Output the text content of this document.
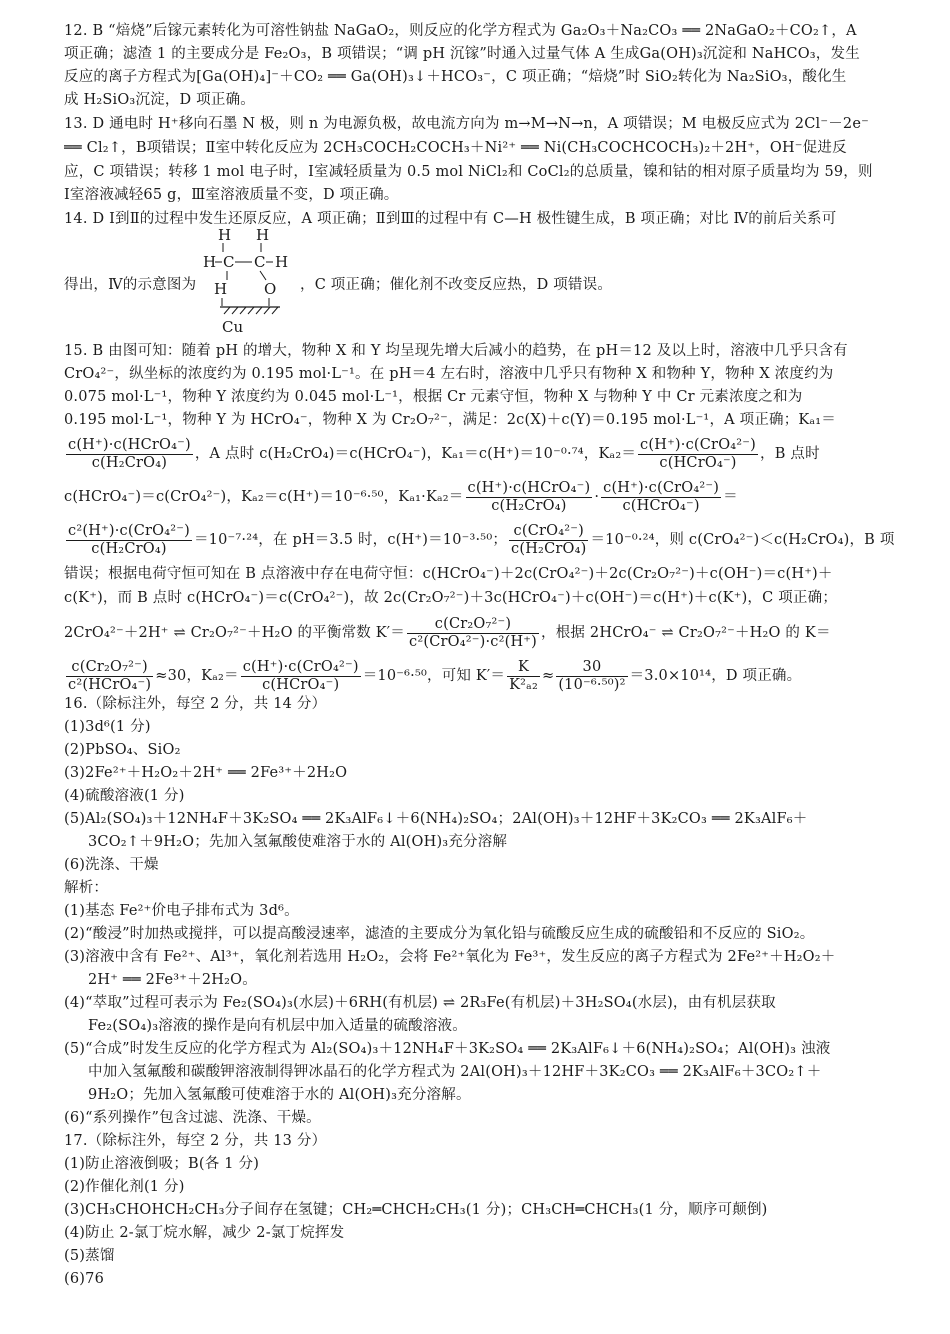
12. B “焙烧”后镓元素转化为可溶性钠盐 NaGaO₂，则反应的化学方程式为 Ga₂O₃＋Na₂CO₃ ══ 2NaGaO₂＋CO₂↑，A
项正确；滤渣 1 的主要成分是 Fe₂O₃，B 项错误；“调 pH 沉镓”时通入过量气体 A 生成Ga(OH)₃沉淀和 NaHCO₃，发生
反应的离子方程式为[Ga(OH)₄]⁻＋CO₂ ══ Ga(OH)₃↓＋HCO₃⁻，C 项正确；“焙烧”时 SiO₂转化为 Na₂SiO₃，酸化生
成 H₂SiO₃沉淀，D 项正确。
13. D 通电时 H⁺移向石墨 N 极，则 n 为电源负极，故电流方向为 m→M→N→n，A 项错误；M 电极反应式为 2Cl⁻－2e⁻
══ Cl₂↑，B项错误；Ⅱ室中转化反应为 2CH₃COCH₂COCH₃＋Ni²⁺ ══ Ni(CH₃COCHCOCH₃)₂＋2H⁺，OH⁻促进反
应，C 项错误；转移 1 mol 电子时，Ⅰ室减轻质量为 0.5 mol NiCl₂和 CoCl₂的总质量，镍和钴的相对原子质量均为 59，则
Ⅰ室溶液减轻65 g，Ⅲ室溶液质量不变，D 项正确。
14. D Ⅰ到Ⅱ的过程中发生还原反应，A 项正确；Ⅱ到Ⅲ的过程中有 C—H 极性键生成，B 项正确；对比 Ⅳ的前后关系可
得出，Ⅳ的示意图为
H H
H C C H
H O
Cu
，C 项正确；催化剂不改变反应热，D 项错误。
15. B 由图可知：随着 pH 的增大，物种 X 和 Y 均呈现先增大后减小的趋势，在 pH＝12 及以上时，溶液中几乎只含有
CrO₄²⁻，纵坐标的浓度约为 0.195 mol·L⁻¹。在 pH＝4 左右时，溶液中几乎只有物种 X 和物种 Y，物种 X 浓度约为
0.075 mol·L⁻¹，物种 Y 浓度约为 0.045 mol·L⁻¹，根据 Cr 元素守恒，物种 X 与物种 Y 中 Cr 元素浓度之和为
0.195 mol·L⁻¹，物种 Y 为 HCrO₄⁻，物种 X 为 Cr₂O₇²⁻，满足：2c(X)＋c(Y)＝0.195 mol·L⁻¹，A 项正确；Kₐ₁＝
$\frac{\text{c(H⁺)·c(HCrO₄⁻)}}{\text{c(H₂CrO₄)}}$ ，A 点时 c(H₂CrO₄)＝c(HCrO₄⁻)，Kₐ₁＝c(H⁺)＝10⁻⁰·⁷⁴，$K_{a2}= \frac{\text{c(H⁺)·c(CrO₄²⁻)}}{\text{c(HCrO₄⁻)}}$ ，B 点时
c(HCrO₄⁻)＝c(CrO₄²⁻)，Kₐ₂＝c(H⁺)＝10⁻⁶·⁵⁰，$K_{a1}\cdot K_{a2}= \frac{\text{c(H⁺)·c(HCrO₄⁻)}}{\text{c(H₂CrO₄)}} \cdot \frac{\text{c(H⁺)·c(CrO₄²⁻)}}{\text{c(HCrO₄⁻)}}$ ＝
$\frac{\text{c²(H⁺)·c(CrO₄²⁻)}}{\text{c(H₂CrO₄)}} =10^{-7}\cdot^{24}$，在 pH＝3.5 时，c(H⁺)＝10⁻³·⁵⁰； $\frac{\text{c(CrO₄²⁻)}}{\text{c(H₂CrO₄)}} =10^{-0}\cdot^{24}$，则 c(CrO₄²⁻)＜c(H₂CrO₄)，B 项
错误；根据电荷守恒可知在 B 点溶液中存在电荷守恒：c(HCrO₄⁻)＋2c(CrO₄²⁻)＋2c(Cr₂O₇²⁻)＋c(OH⁻)＝c(H⁺)＋
c(K⁺)，而 B 点时 c(HCrO₄⁻)＝c(CrO₄²⁻)，故 2c(Cr₂O₇²⁻)＋3c(HCrO₄⁻)＋c(OH⁻)＝c(H⁺)＋c(K⁺)，C 项正确；
2CrO₄²⁻＋2H⁺ ⇌ Cr₂O₇²⁻＋H₂O 的平衡常数 $K'= \frac{\text{c(Cr₂O₇²⁻)}}{\text{c²(CrO₄²⁻)·c²(H⁺)}}$ ，根据 2HCrO₄⁻ ⇌ Cr₂O₇²⁻＋H₂O 的 K＝
$\frac{\text{c(Cr₂O₇²⁻)}}{\text{c²(HCrO₄⁻)}} \approx 30$，$K_{a2}= \frac{\text{c(H⁺)·c(CrO₄²⁻)}}{\text{c(HCrO₄⁻)}} =10^{-6}\cdot^{50}$，可知 $K'= \frac{K}{\text{K²ₐ₂}} \approx \frac{30}{\text{(10⁻⁶·⁵⁰)²}} =3.0\times 10^{14}$，D 项正确。
16.（除标注外，每空 2 分，共 14 分）
(1)3d⁶(1 分)
(2)PbSO₄、SiO₂
(3)2Fe²⁺＋H₂O₂＋2H⁺ ══ 2Fe³⁺＋2H₂O
(4)硫酸溶液(1 分)
(5)Al₂(SO₄)₃＋12NH₄F＋3K₂SO₄ ══ 2K₃AlF₆↓＋6(NH₄)₂SO₄；2Al(OH)₃＋12HF＋3K₂CO₃ ══ 2K₃AlF₆＋
3CO₂↑＋9H₂O；先加入氢氟酸使难溶于水的 Al(OH)₃充分溶解
(6)洗涤、干燥
解析：
(1)基态 Fe²⁺价电子排布式为 3d⁶。
(2)“酸浸”时加热或搅拌，可以提高酸浸速率，滤渣的主要成分为氧化铅与硫酸反应生成的硫酸铅和不反应的 SiO₂。
(3)溶液中含有 Fe²⁺、Al³⁺，氧化剂若选用 H₂O₂，会将 Fe²⁺氧化为 Fe³⁺，发生反应的离子方程式为 2Fe²⁺＋H₂O₂＋
2H⁺ ══ 2Fe³⁺＋2H₂O。
(4)“萃取”过程可表示为 Fe₂(SO₄)₃(水层)＋6RH(有机层) ⇌ 2R₃Fe(有机层)＋3H₂SO₄(水层)，由有机层获取
Fe₂(SO₄)₃溶液的操作是向有机层中加入适量的硫酸溶液。
(5)“合成”时发生反应的化学方程式为 Al₂(SO₄)₃＋12NH₄F＋3K₂SO₄ ══ 2K₃AlF₆↓＋6(NH₄)₂SO₄；Al(OH)₃ 浊液
中加入氢氟酸和碳酸钾溶液制得钾冰晶石的化学方程式为 2Al(OH)₃＋12HF＋3K₂CO₃ ══ 2K₃AlF₆＋3CO₂↑＋
9H₂O；先加入氢氟酸可使难溶于水的 Al(OH)₃充分溶解。
(6)“系列操作”包含过滤、洗涤、干燥。
17.（除标注外，每空 2 分，共 13 分）
(1)防止溶液倒吸；B(各 1 分)
(2)作催化剂(1 分)
(3)CH₃CHOHCH₂CH₃分子间存在氢键；CH₂═CHCH₂CH₃(1 分)；CH₃CH═CHCH₃(1 分，顺序可颠倒)
(4)防止 2-氯丁烷水解，减少 2-氯丁烷挥发
(5)蒸馏
(6)76
